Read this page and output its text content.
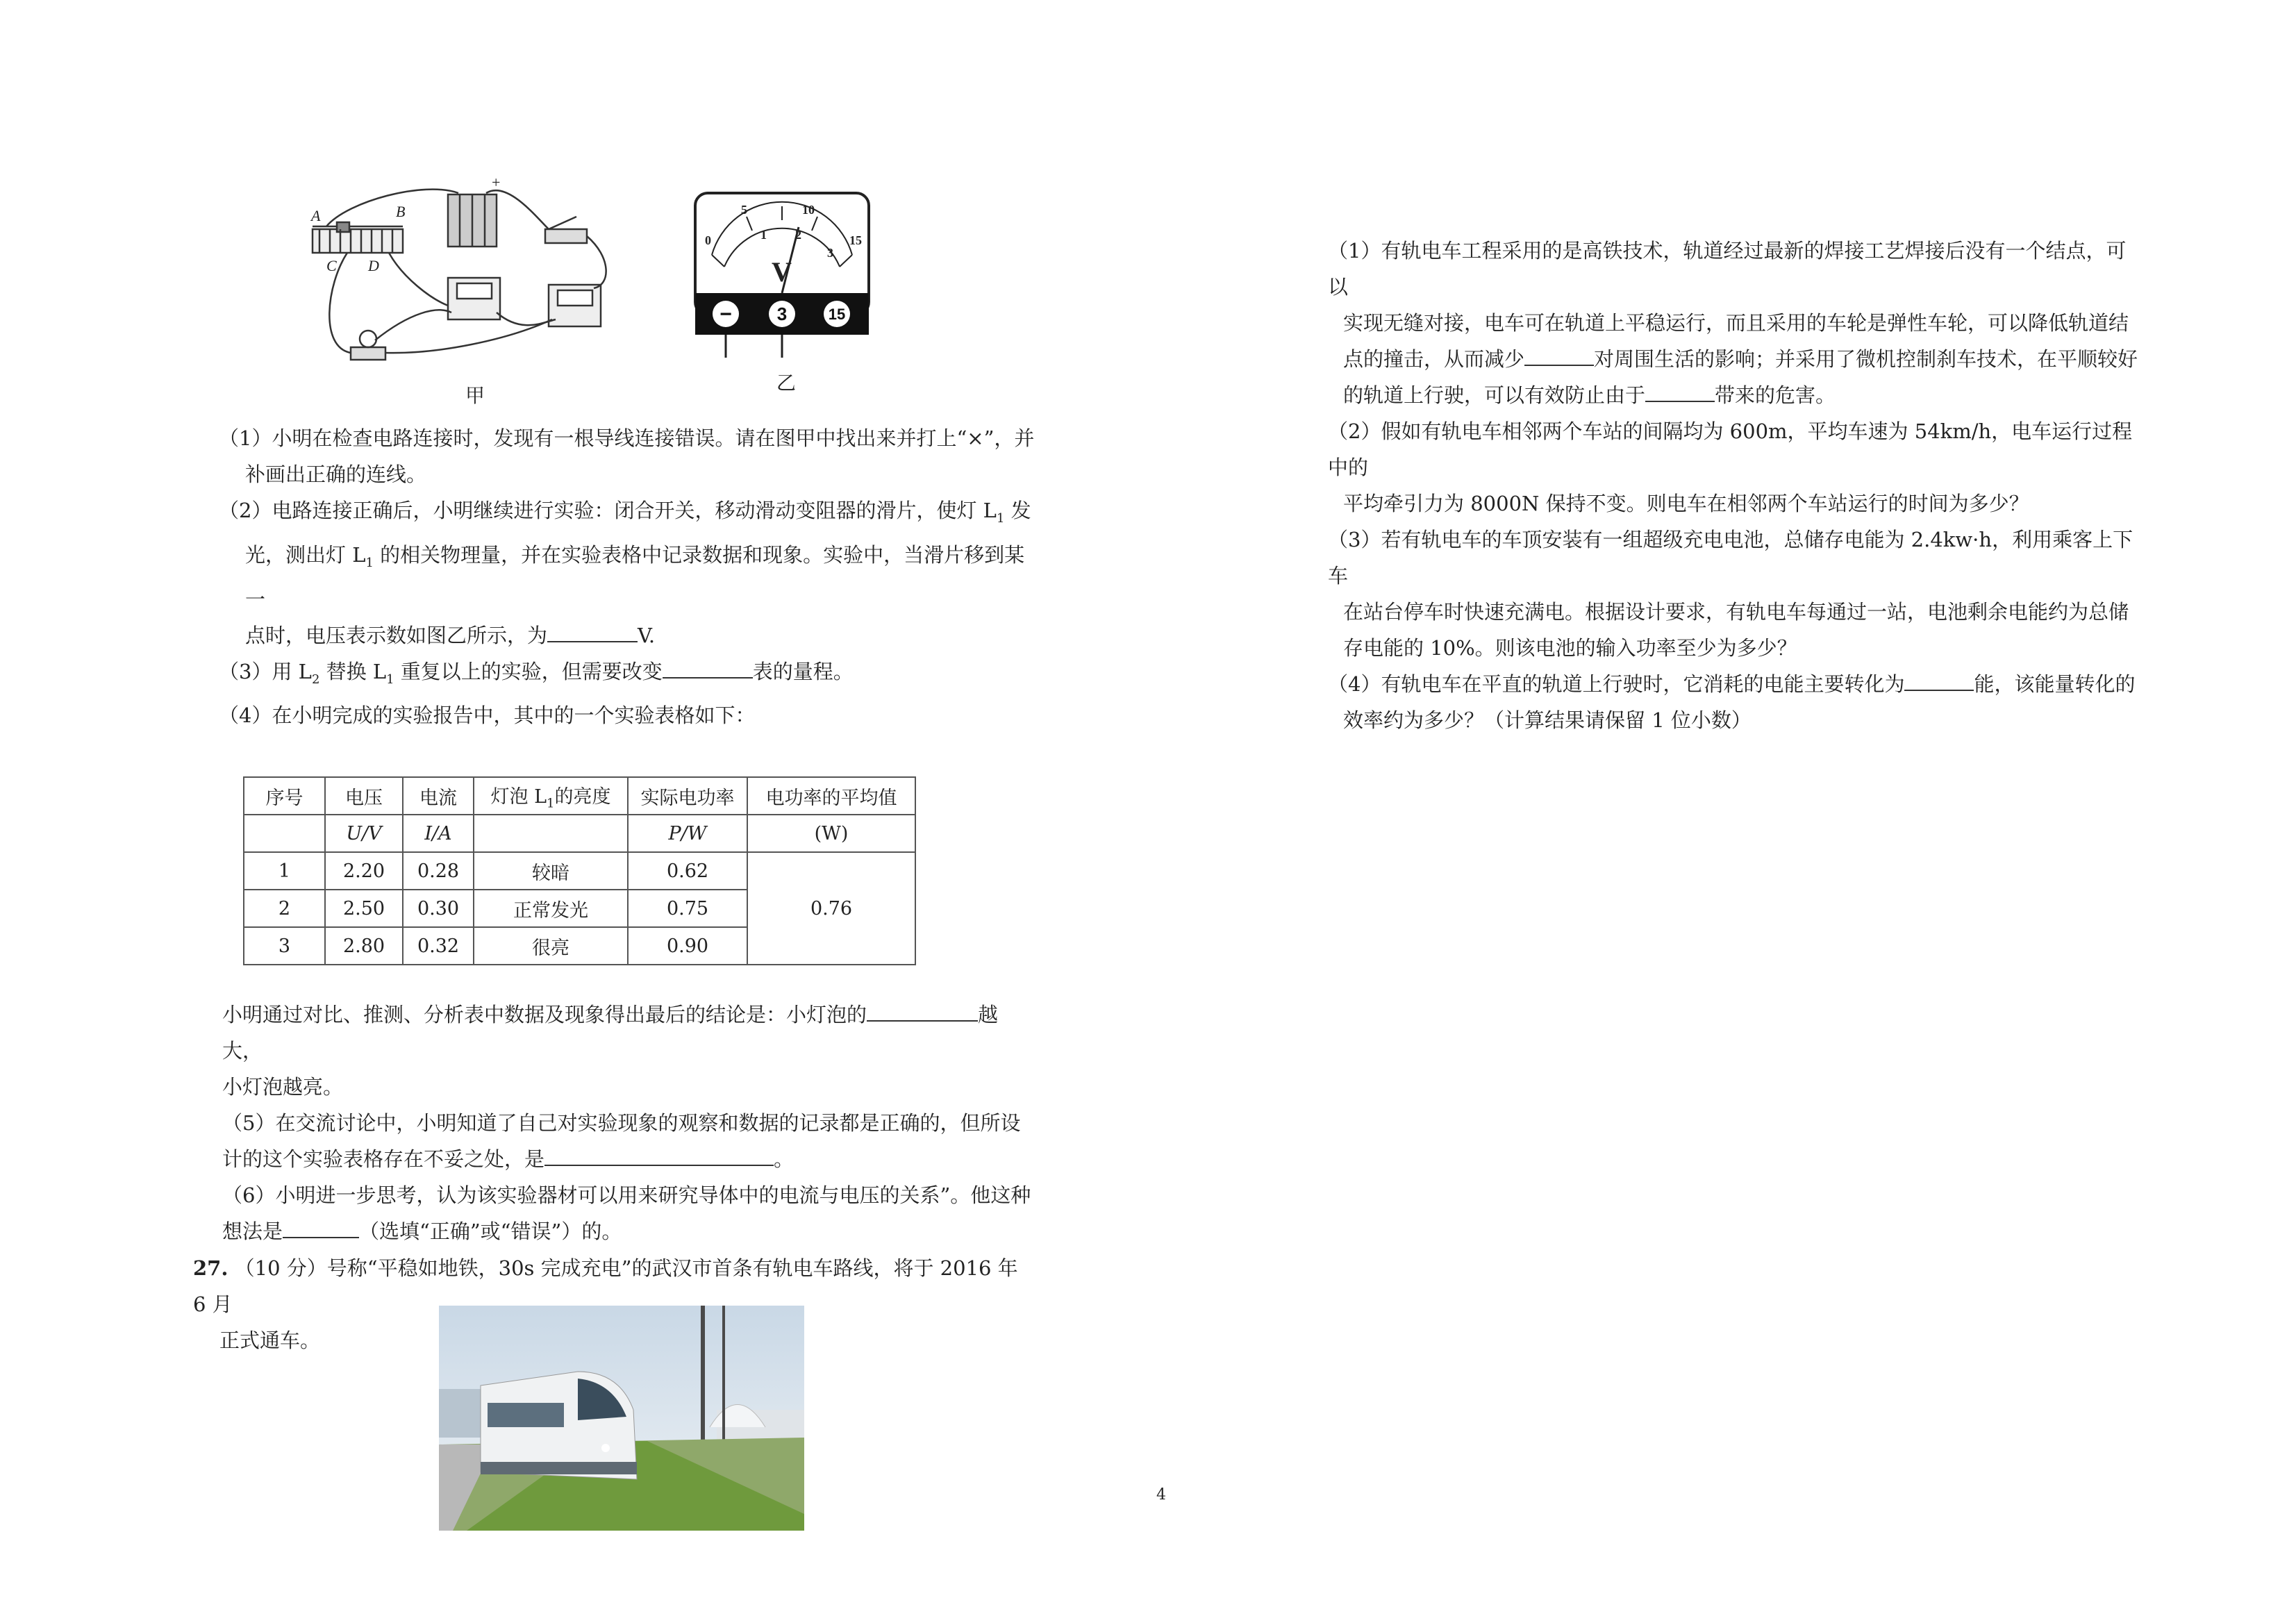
A	B
C D
+
甲
0
5	10
15
1 2
3
V
−	3	15
乙
（1）小明在检查电路连接时，发现有一根导线连接错误。请在图甲中找出来并打上“×”，并
补画出正确的连线。
（2）电路连接正确后，小明继续进行实验：闭合开关，移动滑动变阻器的滑片，使灯 $L_1$ 发
光，测出灯 $L_1$ 的相关物理量，并在实验表格中记录数据和现象。实验中，当滑片移到某一
点时，电压表示数如图乙所示，为	V.
（3）用 $L_2$ 替换 $L_1$ 重复以上的实验，但需要改变	表的量程。
（4）在小明完成的实验报告中，其中的一个实验表格如下：
序号	电压	电流	灯泡 $L_1$的亮度	实际电功率	电功率的平均值
	U/V	I/A		P/W	(W)
1	2.20	0.28	较暗	0.62	0.76
2	2.50	0.30	正常发光	0.75	
3	2.80	0.32	很亮	0.90	
小明通过对比、推测、分析表中数据及现象得出最后的结论是：小灯泡的	越大，
小灯泡越亮。
（5）在交流讨论中，小明知道了自己对实验现象的观察和数据的记录都是正确的，但所设
计的这个实验表格存在不妥之处，是	。
（6）小明进一步思考，认为该实验器材可以用来研究导体中的电流与电压的关系”。他这种
想法是	（选填“正确”或“错误”）的。
27. （10 分）号称“平稳如地铁，30s 完成充电”的武汉市首条有轨电车路线，将于 2016 年 6 月
正式通车。
（1）有轨电车工程采用的是高铁技术，轨道经过最新的焊接工艺焊接后没有一个结点，可以
实现无缝对接，电车可在轨道上平稳运行，而且采用的车轮是弹性车轮，可以降低轨道结
点的撞击，从而减少	对周围生活的影响；并采用了微机控制刹车技术，在平顺较好
的轨道上行驶，可以有效防止由于	带来的危害。
（2）假如有轨电车相邻两个车站的间隔均为 600m，平均车速为 54km/h，电车运行过程中的
平均牵引力为 8000N 保持不变。则电车在相邻两个车站运行的时间为多少？
（3）若有轨电车的车顶安装有一组超级充电电池，总储存电能为 2.4kw·h，利用乘客上下车
在站台停车时快速充满电。根据设计要求，有轨电车每通过一站，电池剩余电能约为总储
存电能的 10%。则该电池的输入功率至少为多少？
（4）有轨电车在平直的轨道上行驶时，它消耗的电能主要转化为	能，该能量转化的
效率约为多少？（计算结果请保留 1 位小数）
4
